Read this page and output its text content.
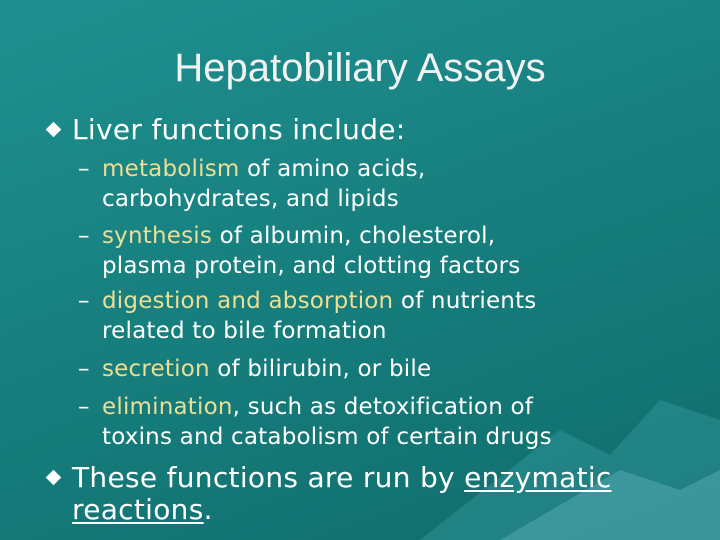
Hepatobiliary Assays
Liver functions include:
– metabolism of amino acids,
carbohydrates, and lipids
– synthesis of albumin, cholesterol,
plasma protein, and clotting factors
– digestion and absorption of nutrients
related to bile formation
– secretion of bilirubin, or bile
– elimination, such as detoxification of
toxins and catabolism of certain drugs
These functions are run by enzymatic
reactions.
